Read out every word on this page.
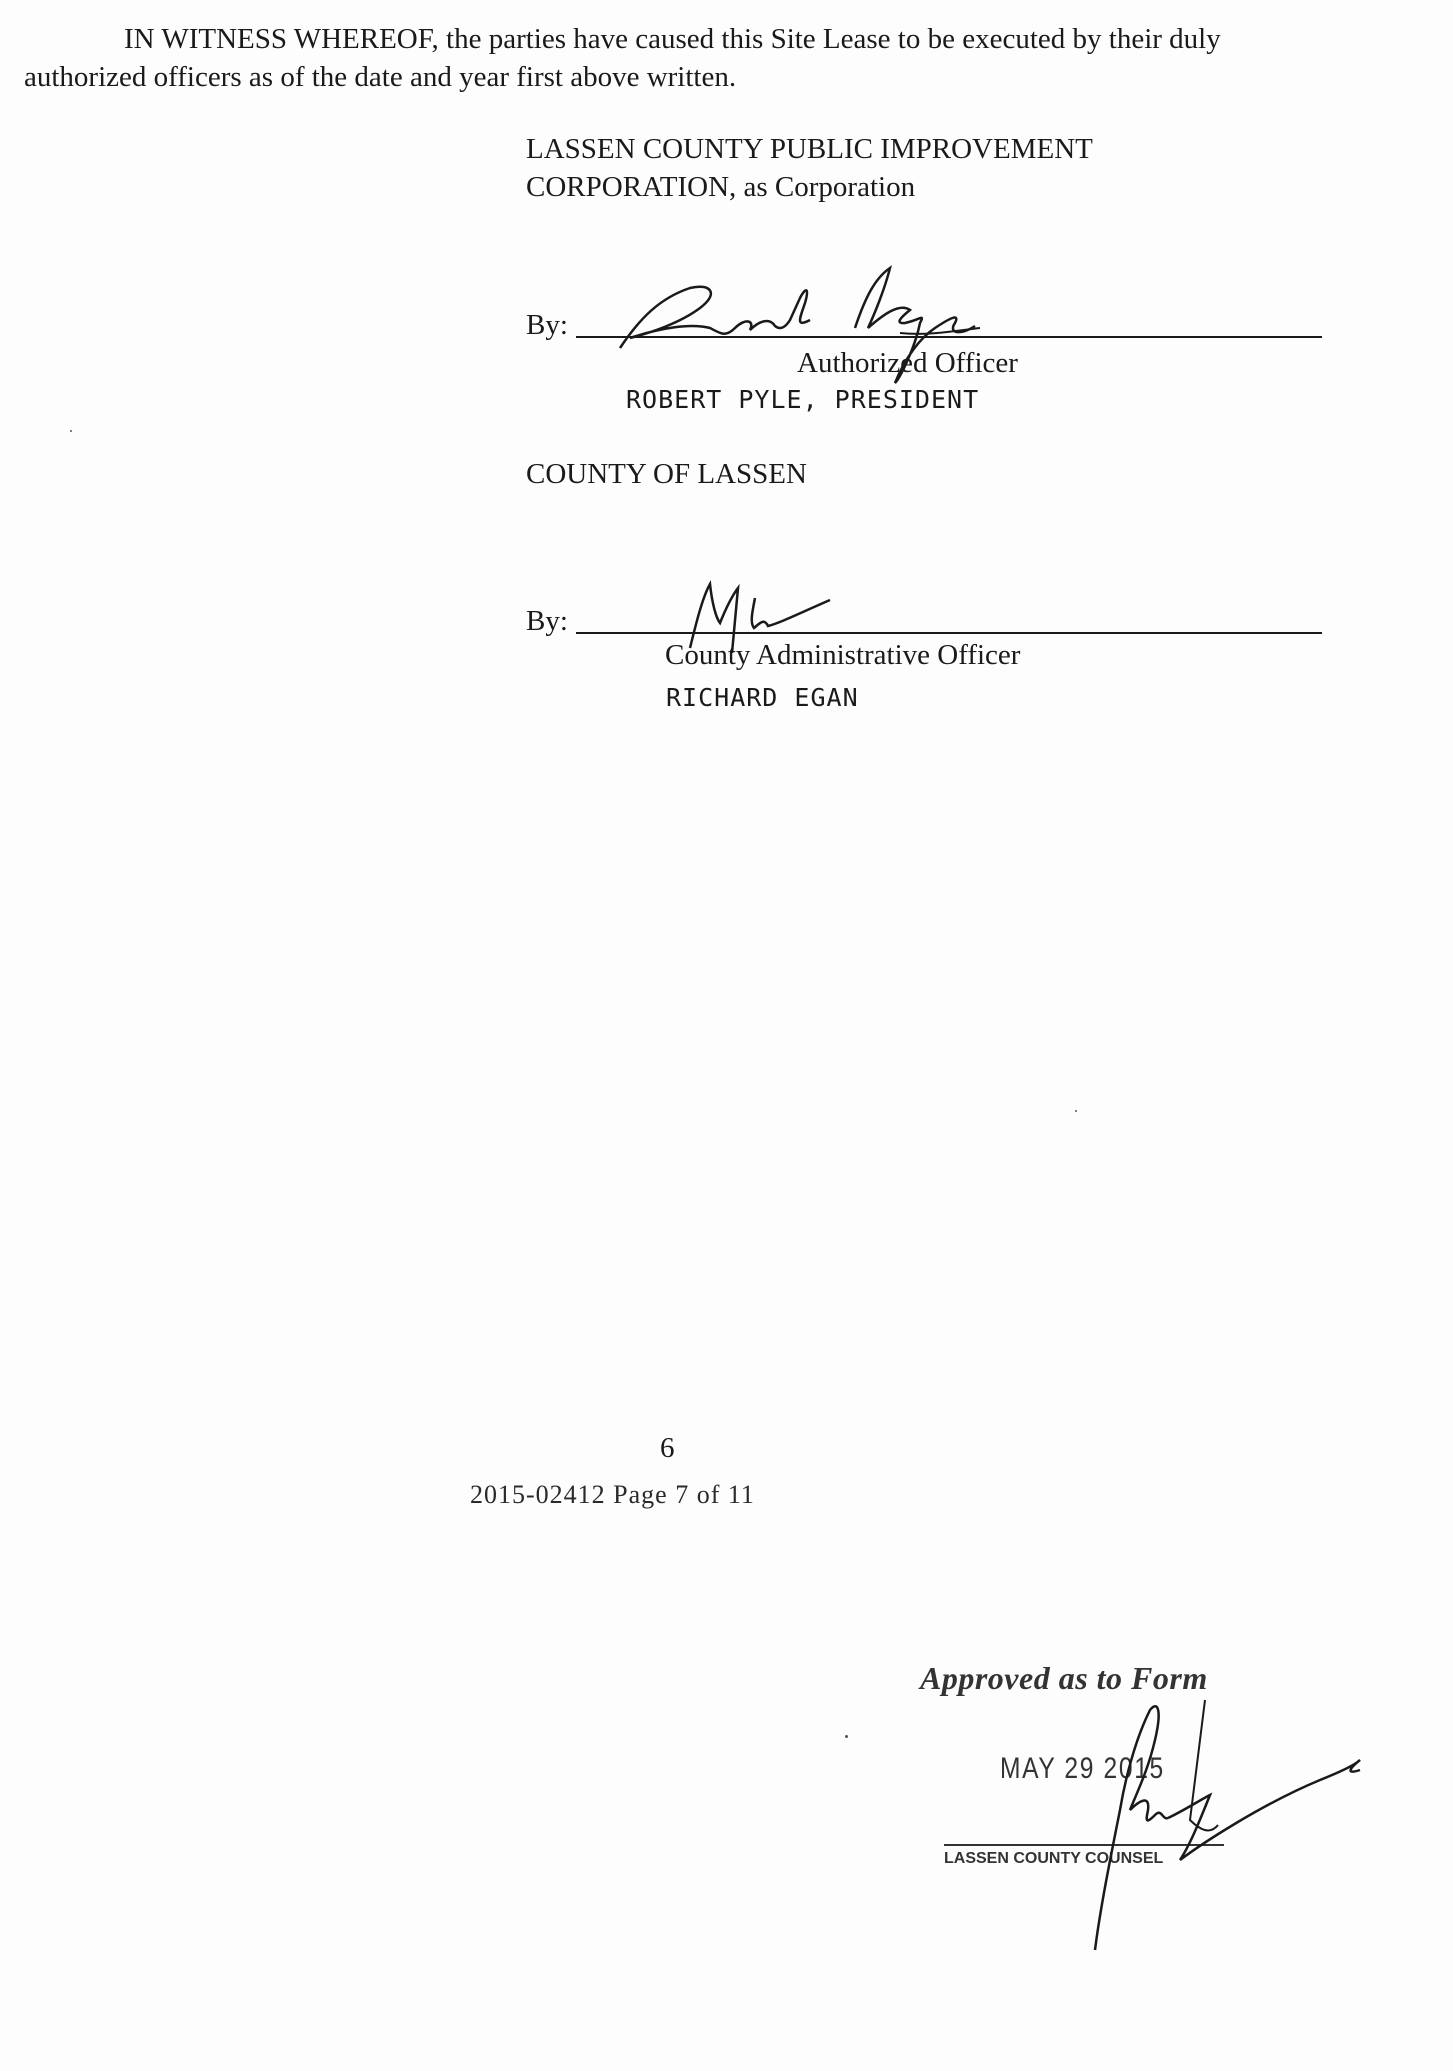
IN WITNESS WHEREOF, the parties have caused this Site Lease to be executed by their duly authorized officers as of the date and year first above written.

LASSEN COUNTY PUBLIC IMPROVEMENT
CORPORATION, as Corporation
By:
Authorized Officer
ROBERT PYLE, PRESIDENT
COUNTY OF LASSEN
By:
County Administrative Officer
RICHARD EGAN
6
2015-02412 Page 7 of 11
Approved as to Form
MAY 29 2015
LASSEN COUNTY COUNSEL
